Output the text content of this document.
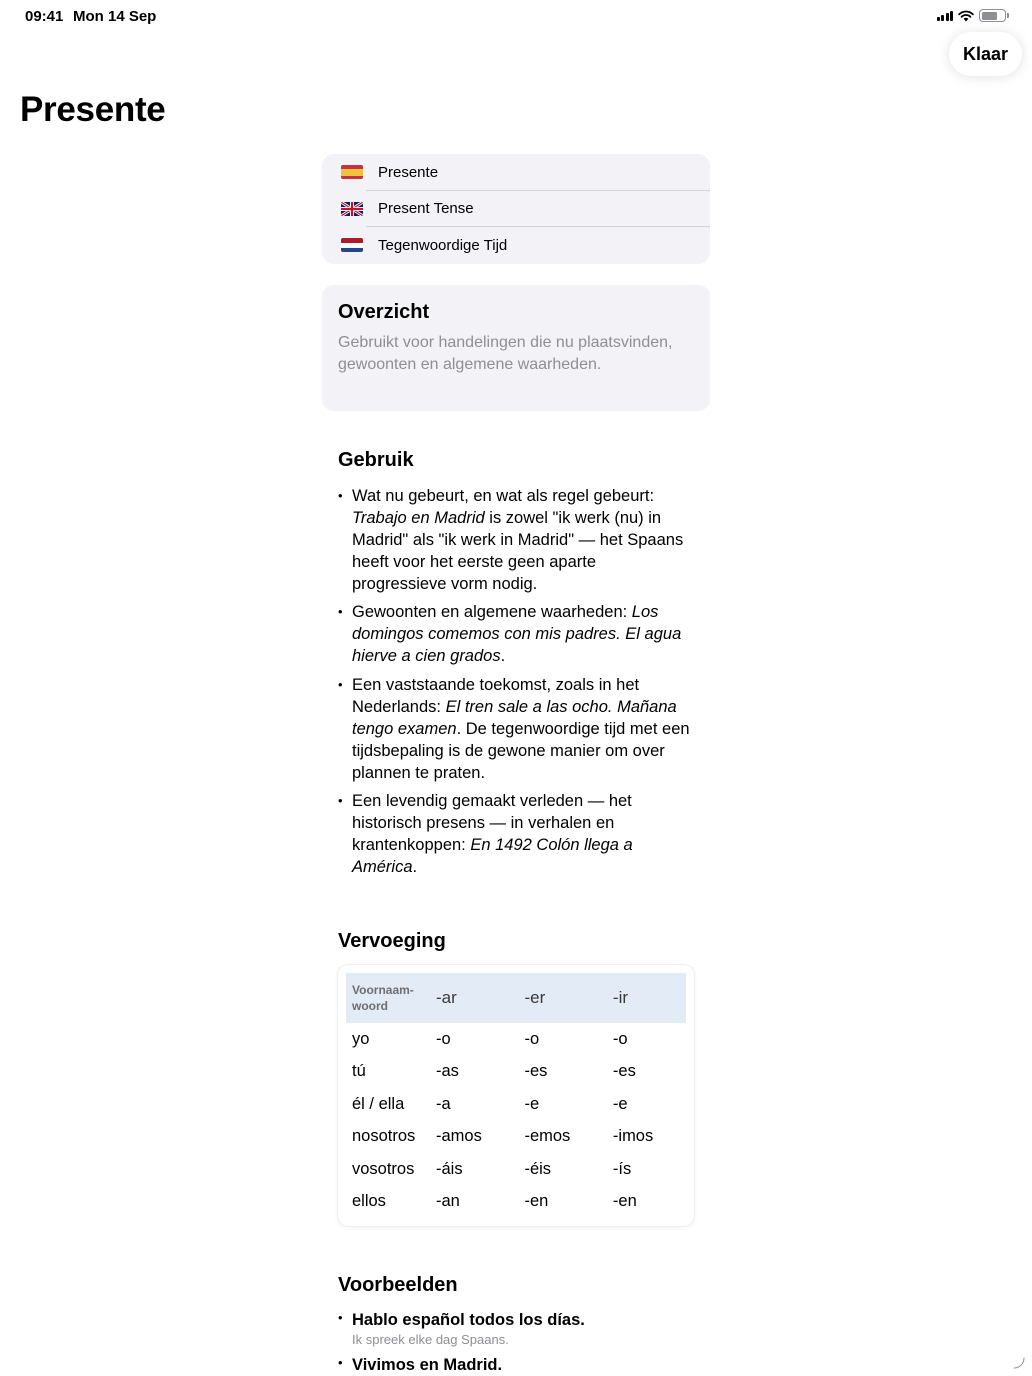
09:41 Mon 14 Sep
Klaar
Presente
Presente
Present Tense
Tegenwoordige Tijd
Overzicht
Gebruikt voor handelingen die nu plaatsvinden, gewoonten en algemene waarheden.
Gebruik
• Wat nu gebeurt, en wat als regel gebeurt: Trabajo en Madrid is zowel "ik werk (nu) in Madrid" als "ik werk in Madrid" — het Spaans heeft voor het eerste geen aparte progressieve vorm nodig.
• Gewoonten en algemene waarheden: Los domingos comemos con mis padres. El agua hierve a cien grados.
• Een vaststaande toekomst, zoals in het Nederlands: El tren sale a las ocho. Mañana tengo examen. De tegenwoordige tijd met een tijdsbepaling is de gewone manier om over plannen te praten.
• Een levendig gemaakt verleden — het historisch presens — in verhalen en krantenkoppen: En 1492 Colón llega a América.
Vervoeging
Voornaamwoord	-ar	-er	-ir
yo	-o	-o	-o
tú	-as	-es	-es
él / ella	-a	-e	-e
nosotros	-amos	-emos	-imos
vosotros	-áis	-éis	-ís
ellos	-an	-en	-en
Voorbeelden
• Hablo español todos los días.
Ik spreek elke dag Spaans.
• Vivimos en Madrid.
